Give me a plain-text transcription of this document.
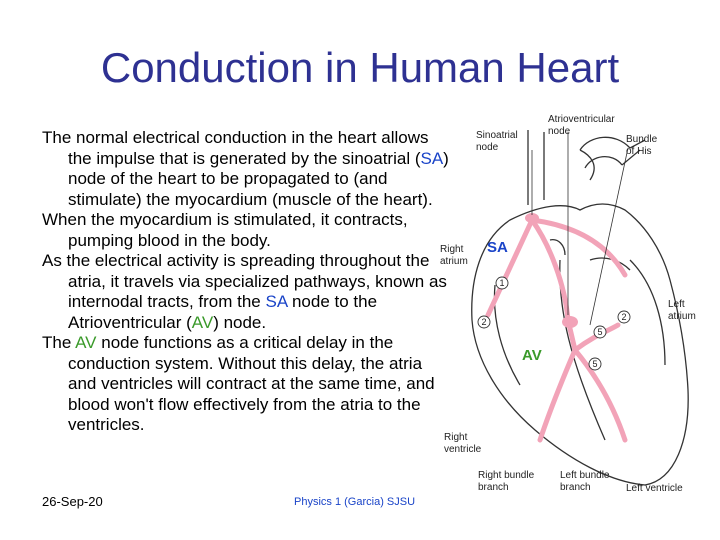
Conduction in Human Heart

The normal electrical conduction in the heart allows the impulse that is generated by the sinoatrial (SA) node of the heart to be propagated to (and stimulate) the myocardium (muscle of the heart).

When the myocardium is stimulated, it contracts, pumping blood in the body.

As the electrical activity is spreading throughout the atria, it travels via specialized pathways, known as internodal tracts, from the SA node to the Atrioventricular (AV) node.

The AV node functions as a critical delay in the conduction system. Without this delay, the atria and ventricles will contract at the same time, and blood won't flow effectively from the atria to the ventricles.

1
2	2
5
5
Sinoatrial
node
Atrioventricular
node
Bundle
of His
Right
atrium
Left
atrium
Right
ventricle
Right bundle
branch
Left bundle
branch	Left ventricle
SA
AV
26-Sep-20	Physics 1 (Garcia) SJSU
